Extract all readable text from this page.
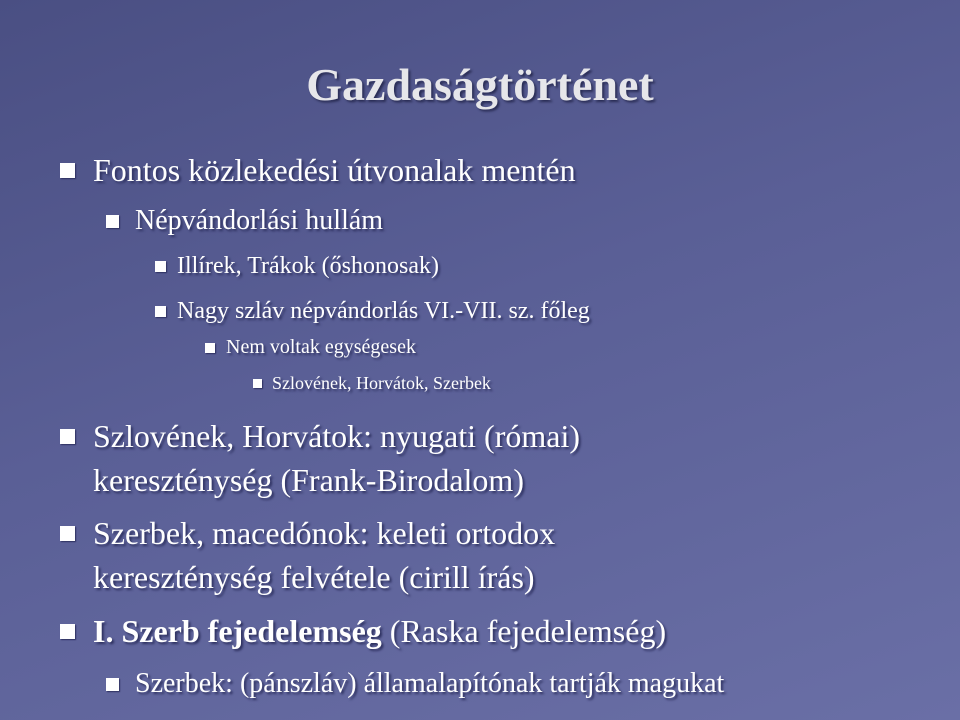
Gazdaságtörténet
Fontos közlekedési útvonalak mentén
Népvándorlási hullám
Illírek, Trákok (őshonosak)
Nagy szláv népvándorlás VI.-VII. sz. főleg
Nem voltak egységesek
Szlovének, Horvátok, Szerbek
Szlovének, Horvátok: nyugati (római)
kereszténység (Frank-Birodalom)
Szerbek, macedónok: keleti ortodox
kereszténység felvétele (cirill írás)
I. Szerb fejedelemség (Raska fejedelemség)
Szerbek: (pánszláv) államalapítónak tartják magukat
